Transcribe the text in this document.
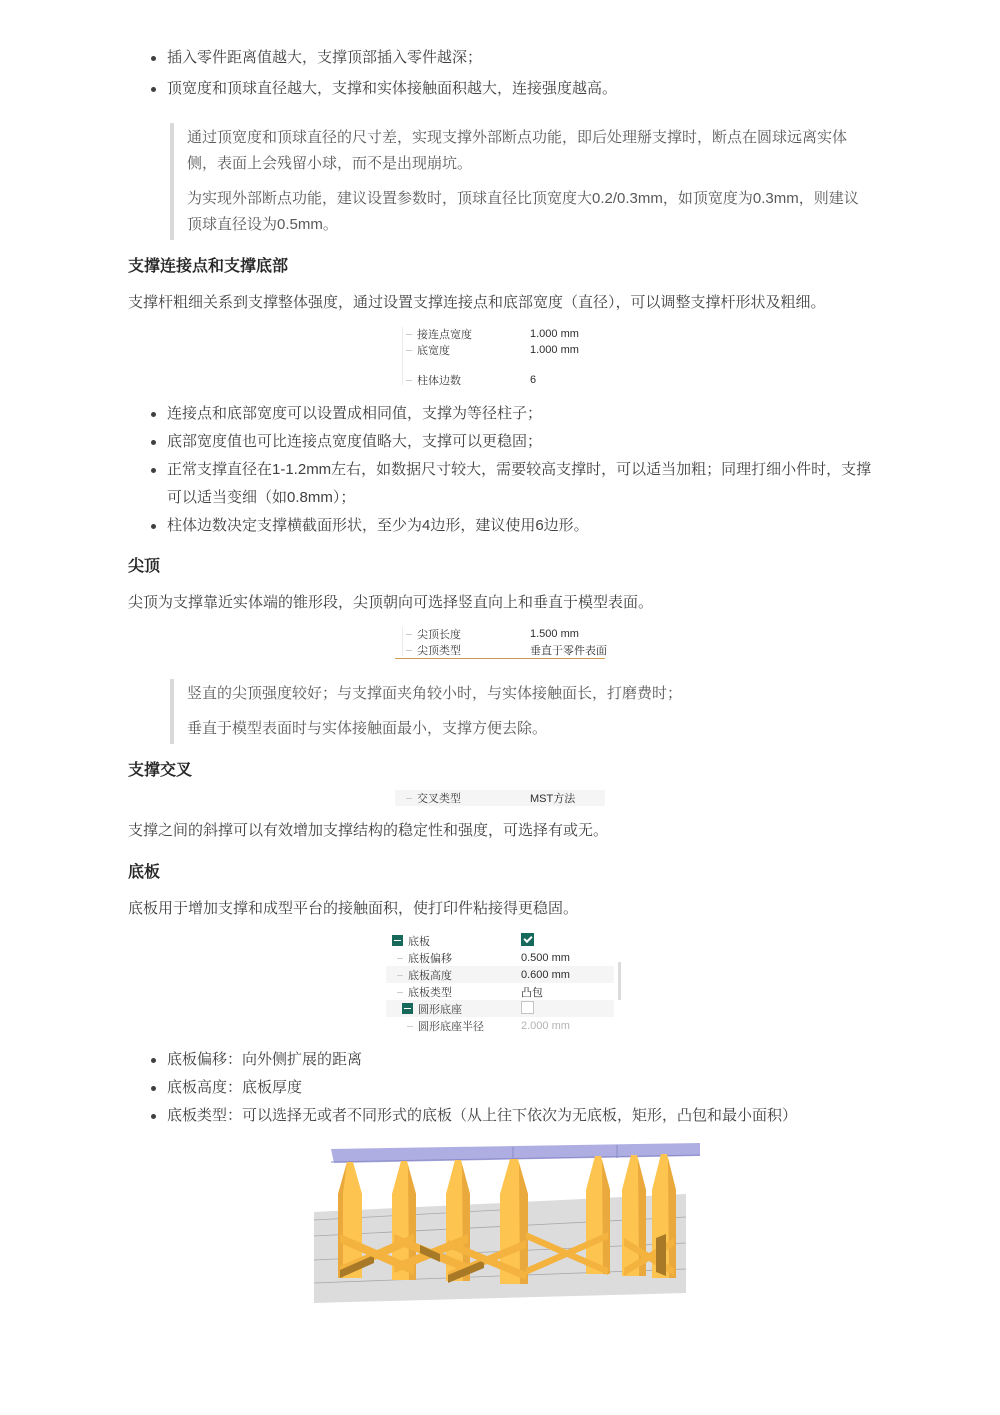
插入零件距离值越大，支撑顶部插入零件越深；
顶宽度和顶球直径越大，支撑和实体接触面积越大，连接强度越高。

通过顶宽度和顶球直径的尺寸差，实现支撑外部断点功能，即后处理掰支撑时，断点在圆球远离实体侧，表面上会残留小球，而不是出现崩坑。

为实现外部断点功能，建议设置参数时，顶球直径比顶宽度大0.2/0.3mm，如顶宽度为0.3mm，则建议顶球直径设为0.5mm。

支撑连接点和支撑底部

支撑杆粗细关系到支撑整体强度，通过设置支撑连接点和底部宽度（直径），可以调整支撑杆形状及粗细。

接连点宽度	1.000 mm
底宽度	1.000 mm
柱体边数	6
连接点和底部宽度可以设置成相同值，支撑为等径柱子；
底部宽度值也可比连接点宽度值略大，支撑可以更稳固；
正常支撑直径在1-1.2mm左右，如数据尺寸较大，需要较高支撑时，可以适当加粗；同理打细小件时，支撑可以适当变细（如0.8mm）；
柱体边数决定支撑横截面形状，至少为4边形，建议使用6边形。
尖顶

尖顶为支撑靠近实体端的锥形段，尖顶朝向可选择竖直向上和垂直于模型表面。

尖顶长度	1.500 mm
尖顶类型	垂直于零件表面

竖直的尖顶强度较好；与支撑面夹角较小时，与实体接触面长，打磨费时；

垂直于模型表面时与实体接触面最小，支撑方便去除。

支撑交叉
交叉类型	MST方法

支撑之间的斜撑可以有效增加支撑结构的稳定性和强度，可选择有或无。

底板

底板用于增加支撑和成型平台的接触面积，使打印件粘接得更稳固。

底板
底板偏移	0.500 mm
底板高度	0.600 mm
底板类型	凸包
圆形底座
圆形底座半径	2.000 mm
底板偏移：向外侧扩展的距离
底板高度：底板厚度
底板类型：可以选择无或者不同形式的底板（从上往下依次为无底板，矩形，凸包和最小面积）
